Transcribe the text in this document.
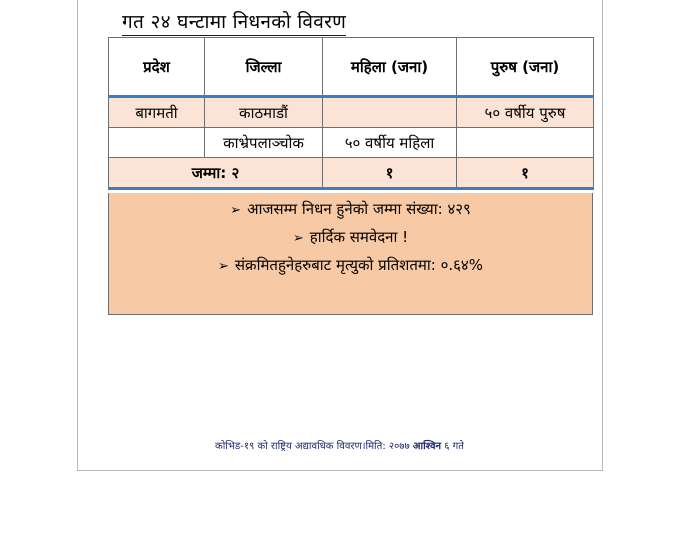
गत २४ घन्टामा निधनको विवरण
प्रदेश	जिल्ला	महिला (जना)	पुरुष (जना)
बागमती	काठमाडौं		५० वर्षीय पुरुष
	काभ्रेपलाञ्चोक	५० वर्षीय महिला	
जम्मा: २		१	१
➢ आजसम्म निधन हुनेको जम्मा संख्या: ४२९
➢ हार्दिक समवेदना !
➢ संक्रमितहुनेहरुबाट मृत्युको प्रतिशतमा: ०.६४%
कोभिड-१९ को राष्ट्रिय अद्यावधिक विवरण।मिति: २०७७ आश्विन ६ गते
